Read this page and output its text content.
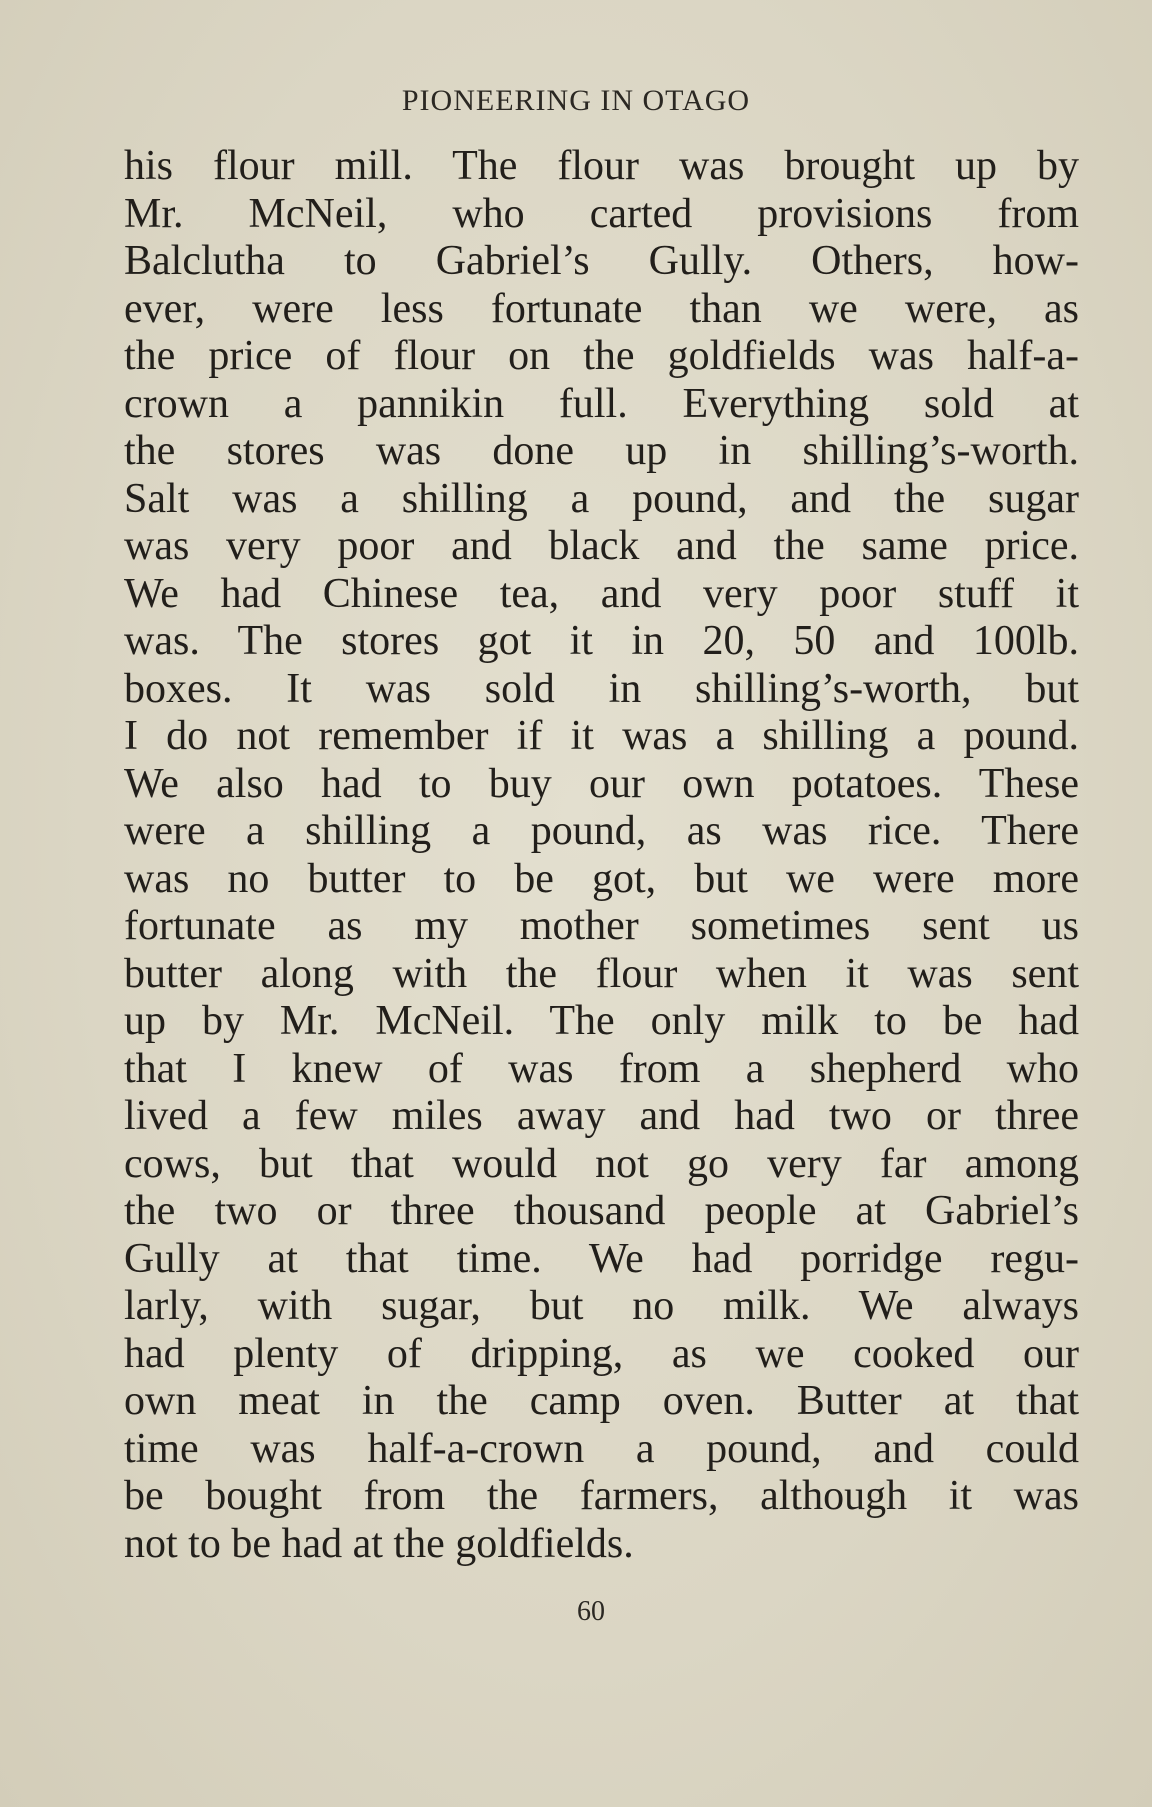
PIONEERING IN OTAGO
his flour mill. The flour was brought up by
Mr. McNeil, who carted provisions from
Balclutha to Gabriel’s Gully. Others, how-
ever, were less fortunate than we were, as
the price of flour on the goldfields was half-a-
crown a pannikin full. Everything sold at
the stores was done up in shilling’s-worth.
Salt was a shilling a pound, and the sugar
was very poor and black and the same price.
We had Chinese tea, and very poor stuff it
was. The stores got it in 20, 50 and 100lb.
boxes. It was sold in shilling’s-worth, but
I do not remember if it was a shilling a pound.
We also had to buy our own potatoes. These
were a shilling a pound, as was rice. There
was no butter to be got, but we were more
fortunate as my mother sometimes sent us
butter along with the flour when it was sent
up by Mr. McNeil. The only milk to be had
that I knew of was from a shepherd who
lived a few miles away and had two or three
cows, but that would not go very far among
the two or three thousand people at Gabriel’s
Gully at that time. We had porridge regu-
larly, with sugar, but no milk. We always
had plenty of dripping, as we cooked our
own meat in the camp oven. Butter at that
time was half-a-crown a pound, and could
be bought from the farmers, although it was
not to be had at the goldfields.
60
